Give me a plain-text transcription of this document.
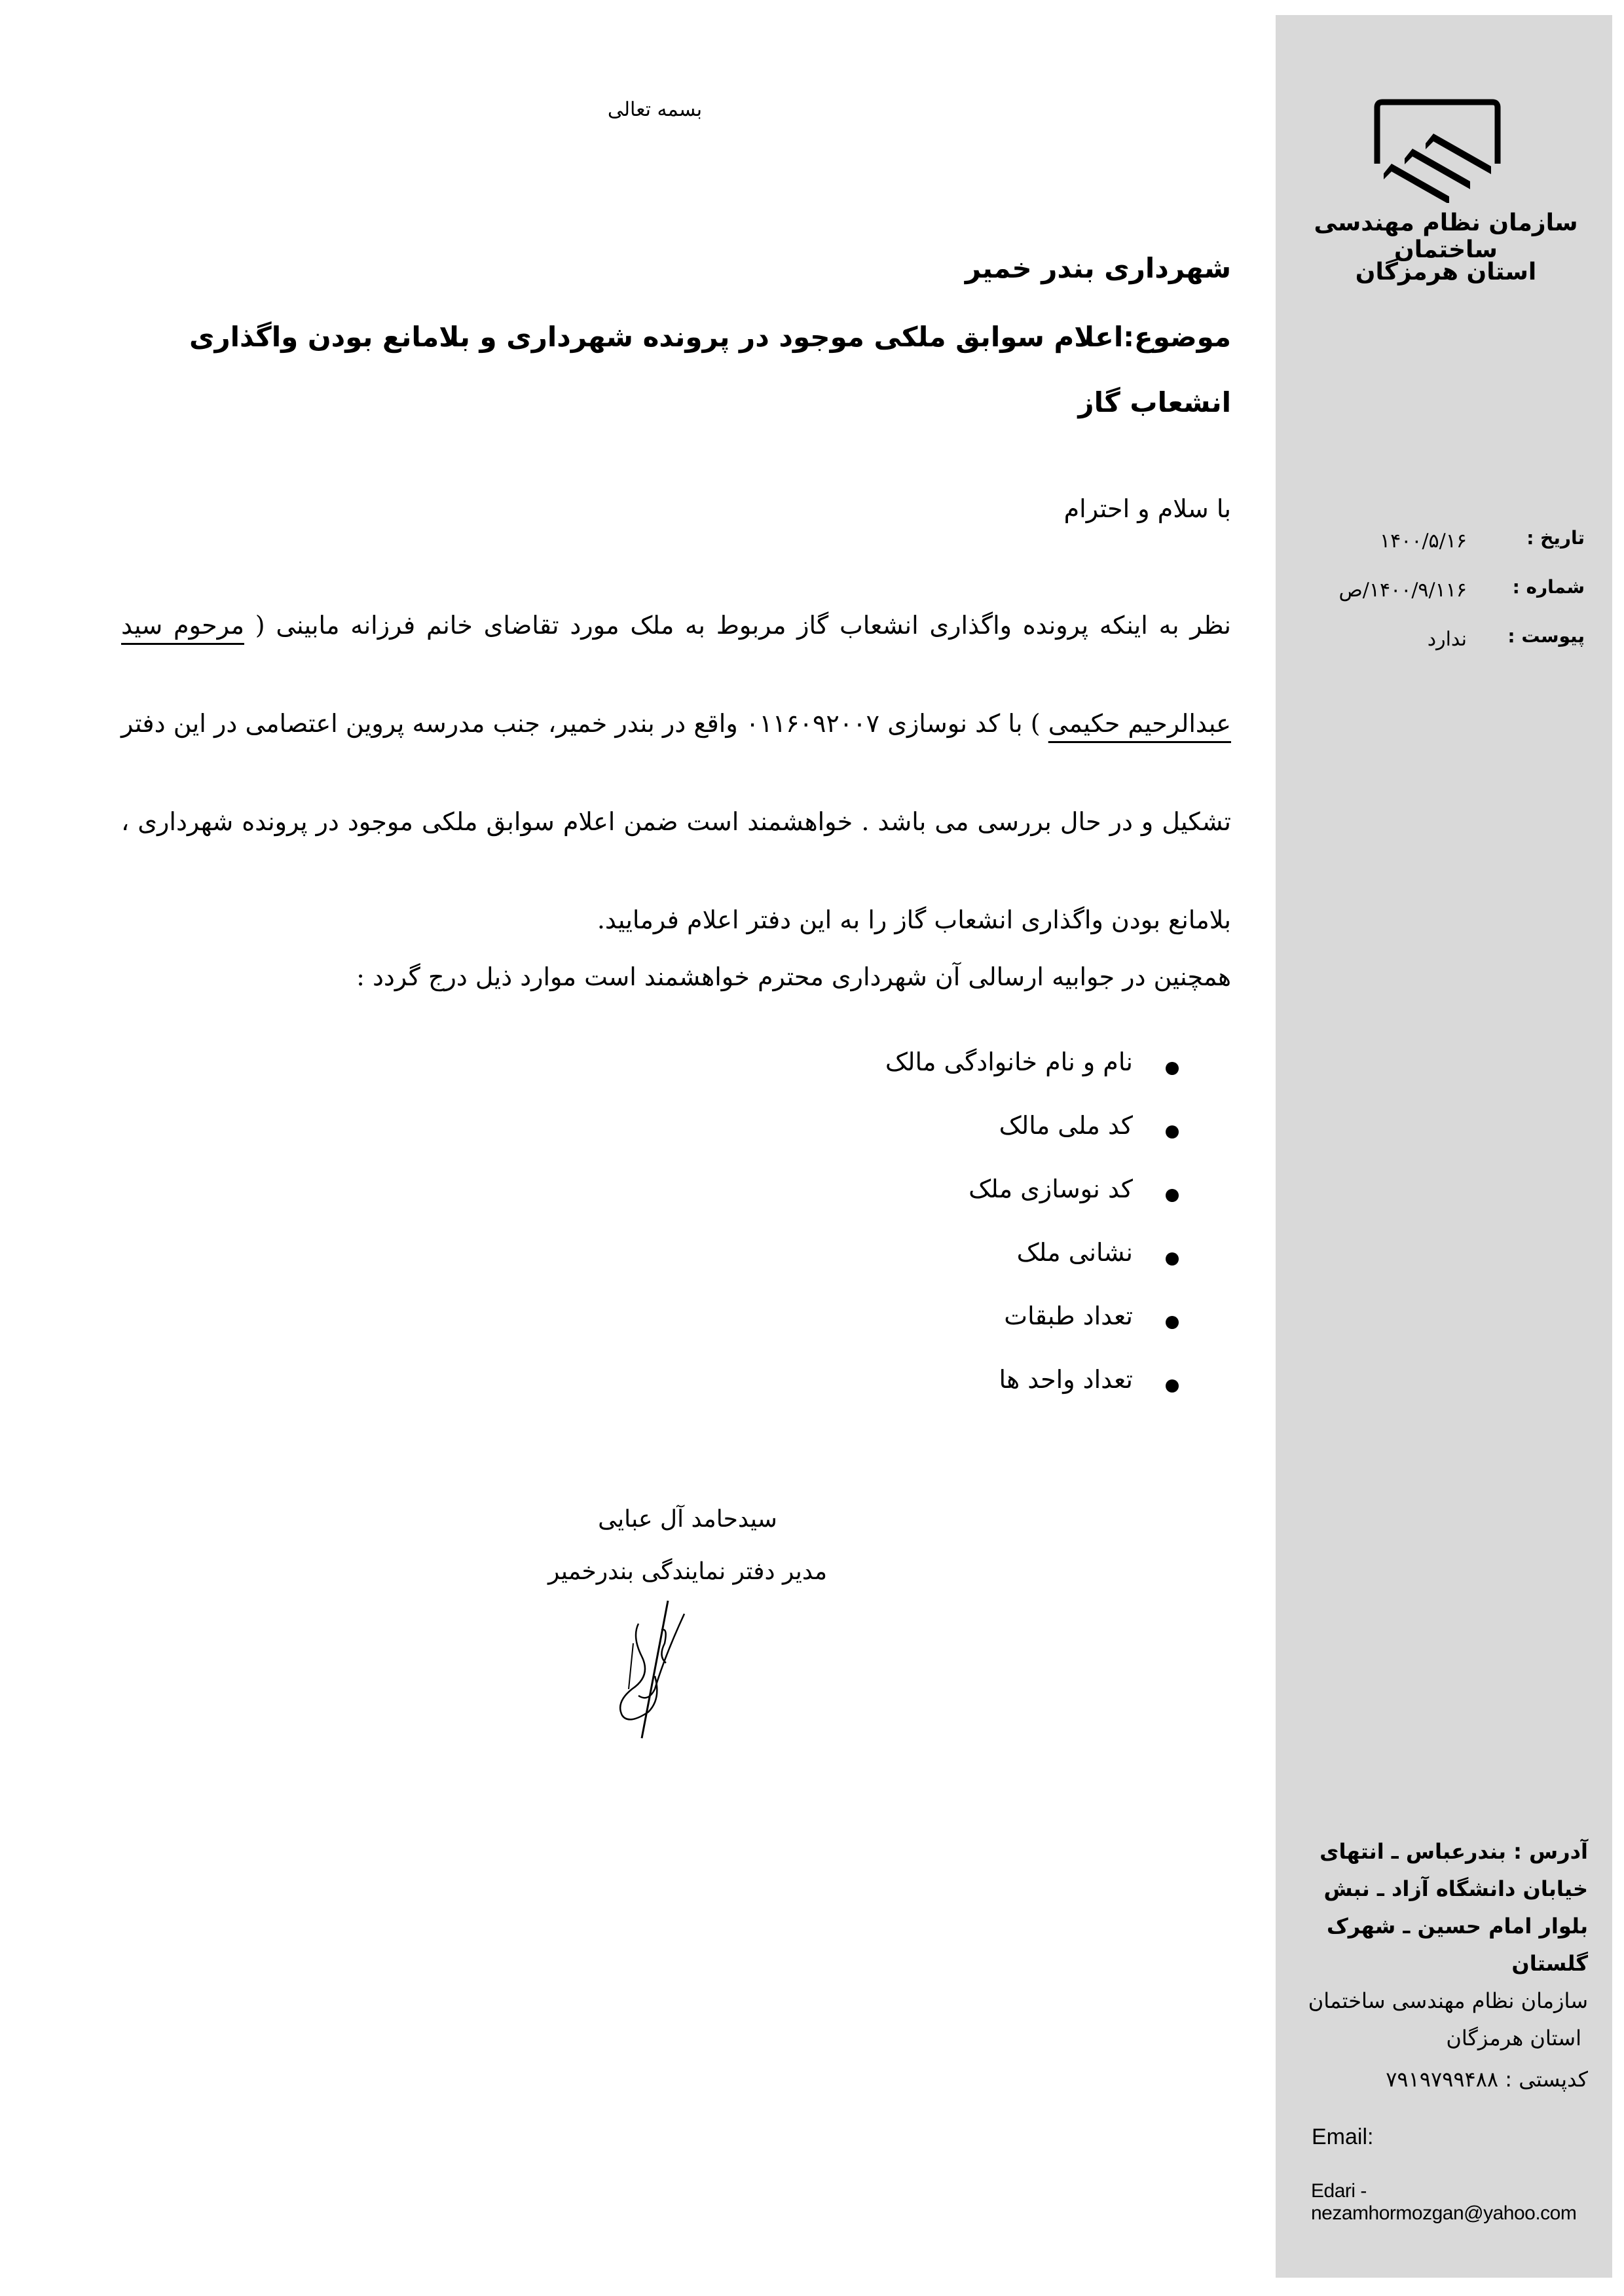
سازمان نظام مهندسی ساختمان
استان هرمزگان
تاریخ :
۱۴۰۰/۵/۱۶
شماره :
۱۴۰۰/۹/۱۱۶/ص
پیوست :
ندارد
آدرس : بندرعباس ـ انتهای
خیابان دانشگاه آزاد ـ نبش
بلوار امام حسین ـ شهرک
گلستان
سازمان نظام مهندسی ساختمان
استان هرمزگان
کدپستی : ۷۹۱۹۷۹۹۴۸۸
Email:
Edari - nezamhormozgan@yahoo.com
بسمه تعالی
شهرداری بندر خمیر
موضوع:اعلام سوابق ملکی موجود در پرونده شهرداری و بلامانع بودن واگذاری انشعاب گاز
با سلام و احترام
نظر به اینکه پرونده واگذاری انشعاب گاز مربوط به ملک مورد تقاضای خانم فرزانه مابینی ( مرحوم سید عبدالرحیم حکیمی ) با کد نوسازی ۰۱۱۶۰۹۲۰۰۷ واقع در بندر خمیر، جنب مدرسه پروین اعتصامی در این دفتر تشکیل و در حال بررسی می باشد . خواهشمند است ضمن اعلام سوابق ملکی موجود در پرونده شهرداری ، بلامانع بودن واگذاری انشعاب گاز را به این دفتر اعلام فرمایید.
همچنین در جوابیه ارسالی آن شهرداری محترم خواهشمند است موارد ذیل درج گردد :
نام و نام خانوادگی مالک
کد ملی مالک
کد نوسازی ملک
نشانی ملک
تعداد طبقات
تعداد واحد ها
سیدحامد آل عبایی
مدیر دفتر نمایندگی بندرخمیر
